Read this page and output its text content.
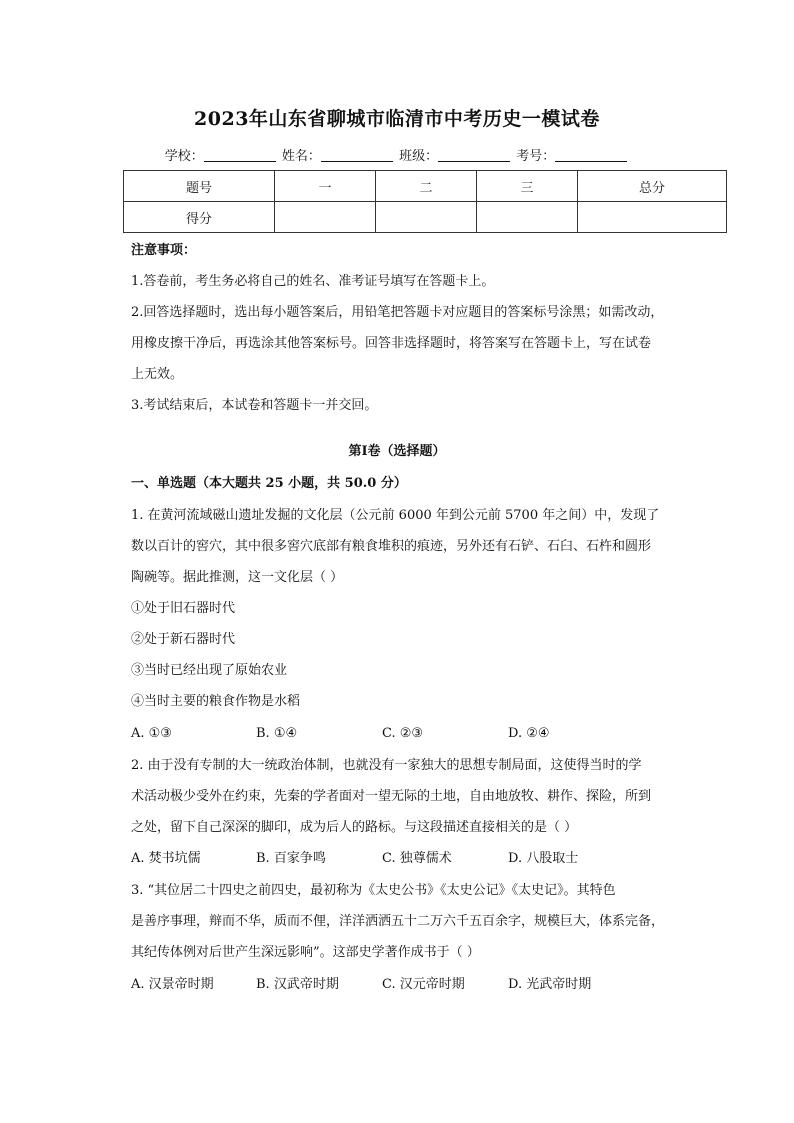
2023年山东省聊城市临清市中考历史一模试卷
学校：	姓名：	班级：	考号：
题号	一	二	三	总分
得分				
注意事项：
1.答卷前，考生务必将自己的姓名、准考证号填写在答题卡上。
2.回答选择题时，选出每小题答案后，用铅笔把答题卡对应题目的答案标号涂黑；如需改动，
用橡皮擦干净后，再选涂其他答案标号。回答非选择题时，将答案写在答题卡上，写在试卷
上无效。
3.考试结束后，本试卷和答题卡一并交回。
第Ⅰ卷（选择题）
一、单选题（本大题共 25 小题，共 50.0 分）
1. 在黄河流域磁山遗址发掘的文化层（公元前 6000 年到公元前 5700 年之间）中，发现了
数以百计的窖穴，其中很多窖穴底部有粮食堆积的痕迹，另外还有石铲、石臼、石杵和圆形
陶碗等。据此推测，这一文化层（ ）
①处于旧石器时代
②处于新石器时代
③当时已经出现了原始农业
④当时主要的粮食作物是水稻
A. ①③	B. ①④	C. ②③	D. ②④
2. 由于没有专制的大一统政治体制，也就没有一家独大的思想专制局面，这使得当时的学
术活动极少受外在约束，先秦的学者面对一望无际的土地，自由地放牧、耕作、探险，所到
之处，留下自己深深的脚印，成为后人的路标。与这段描述直接相关的是（ ）
A. 焚书坑儒	B. 百家争鸣	C. 独尊儒术	D. 八股取士
3. “其位居二十四史之前四史，最初称为《太史公书》《太史公记》《太史记》。其特色
是善序事理，辩而不华，质而不俚，洋洋洒洒五十二万六千五百余字，规模巨大，体系完备，
其纪传体例对后世产生深远影响”。这部史学著作成书于（ ）
A. 汉景帝时期	B. 汉武帝时期	C. 汉元帝时期	D. 光武帝时期
